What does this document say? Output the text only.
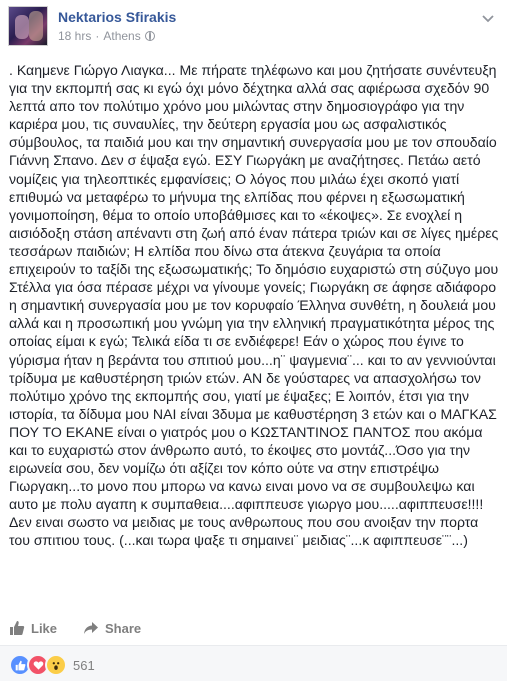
Nektarios Sfirakis
18 hrs · Athens
. Καημενε Γιώργο Λιαγκα... Με πήρατε τηλέφωνο και μου ζητήσατε συνέντευξη για την εκπομπή σας κι εγώ όχι μόνο δέχτηκα αλλά σας αφιέρωσα σχεδόν 90 λεπτά απο τον πολύτιμο χρόνο μου μιλώντας στην δημοσιογράφο για την καριέρα μου, τις συναυλίες, την δεύτερη εργασία μου ως ασφαλιστικός σύμβουλος, τα παιδιά μου και την σημαντική συνεργασία μου με τον σπουδαίο Γιάννη Σπανο. Δεν σ έψαξα εγώ. ΕΣΥ Γιωργάκη με αναζήτησες. Πετάω αετό νομίζεις για τηλεοπτικές εμφανίσεις; Ο λόγος που μιλάω έχει σκοπό γιατί επιθυμώ να μεταφέρω το μήνυμα της ελπίδας που φέρνει η εξωσωματική γονιμοποίηση, θέμα το οποίο υποβάθμισες και το «έκοψες». Σε ενοχλεί η αισιόδοξη στάση απέναντι στη ζωή από έναν πάτερα τριών και σε λίγες ημέρες τεσσάρων παιδιών; Η ελπίδα που δίνω στα άτεκνα ζευγάρια τα οποία επιχειρούν το ταξίδι της εξωσωματικής; Το δημόσιο ευχαριστώ στη σύζυγο μου Στέλλα για όσα πέρασε μέχρι να γίνουμε γονείς; Γιωργάκη σε άφησε αδιάφορο η σημαντική συνεργασία μου με τον κορυφαίο Έλληνα συνθέτη, η δουλειά μου αλλά και η προσωπική μου γνώμη για την ελληνική πραγματικότητα μέρος της οποίας είμαι κ εγώ; Τελικά είδα τι σε ενδιέφερε! Εάν ο χώρος που έγινε το γύρισμα ήταν η βεράντα του σπιτιού μου...η¨ ψαγμενια¨... και το αν γεννιούνται τρίδυμα με καθυστέρηση τριών ετών. ΑΝ δε γούσταρες να απασχολήσω τον πολύτιμο χρόνο της εκπομπής σου, γιατί με έψαξες; Ε λοιπόν, έτσι για την ιστορία, τα δίδυμα μου ΝΑΙ είναι 3δυμα με καθυστέρηση 3 ετών και ο ΜΑΓΚΑΣ ΠΟΥ ΤΟ ΕΚΑΝΕ είναι ο γιατρός μου ο ΚΩΣΤΑΝΤΙΝΟΣ ΠΑΝΤΟΣ που ακόμα και το ευχαριστώ στον άνθρωπο αυτό, το έκοψες στο μοντάζ...Όσο για την ειρωνεία σου, δεν νομίζω ότι αξίζει τον κόπο ούτε να στην επιστρέψω Γιωργακη...το μονο που μπορω να κανω ειναι μονο να σε συμβουλεψω και αυτο με πολυ αγαπη κ συμπαθεια....αφιππευσε γιωργο μου.....αφιππευσε!!!!Δεν ειναι σωστο να μειδιας με τους ανθρωπους που σου ανοιξαν την πορτα του σπιτιου τους. (...και τωρα ψαξε τι σημαινει¨ μειδιας¨...κ αφιππευσε¨¨...)
Like	Share
561
